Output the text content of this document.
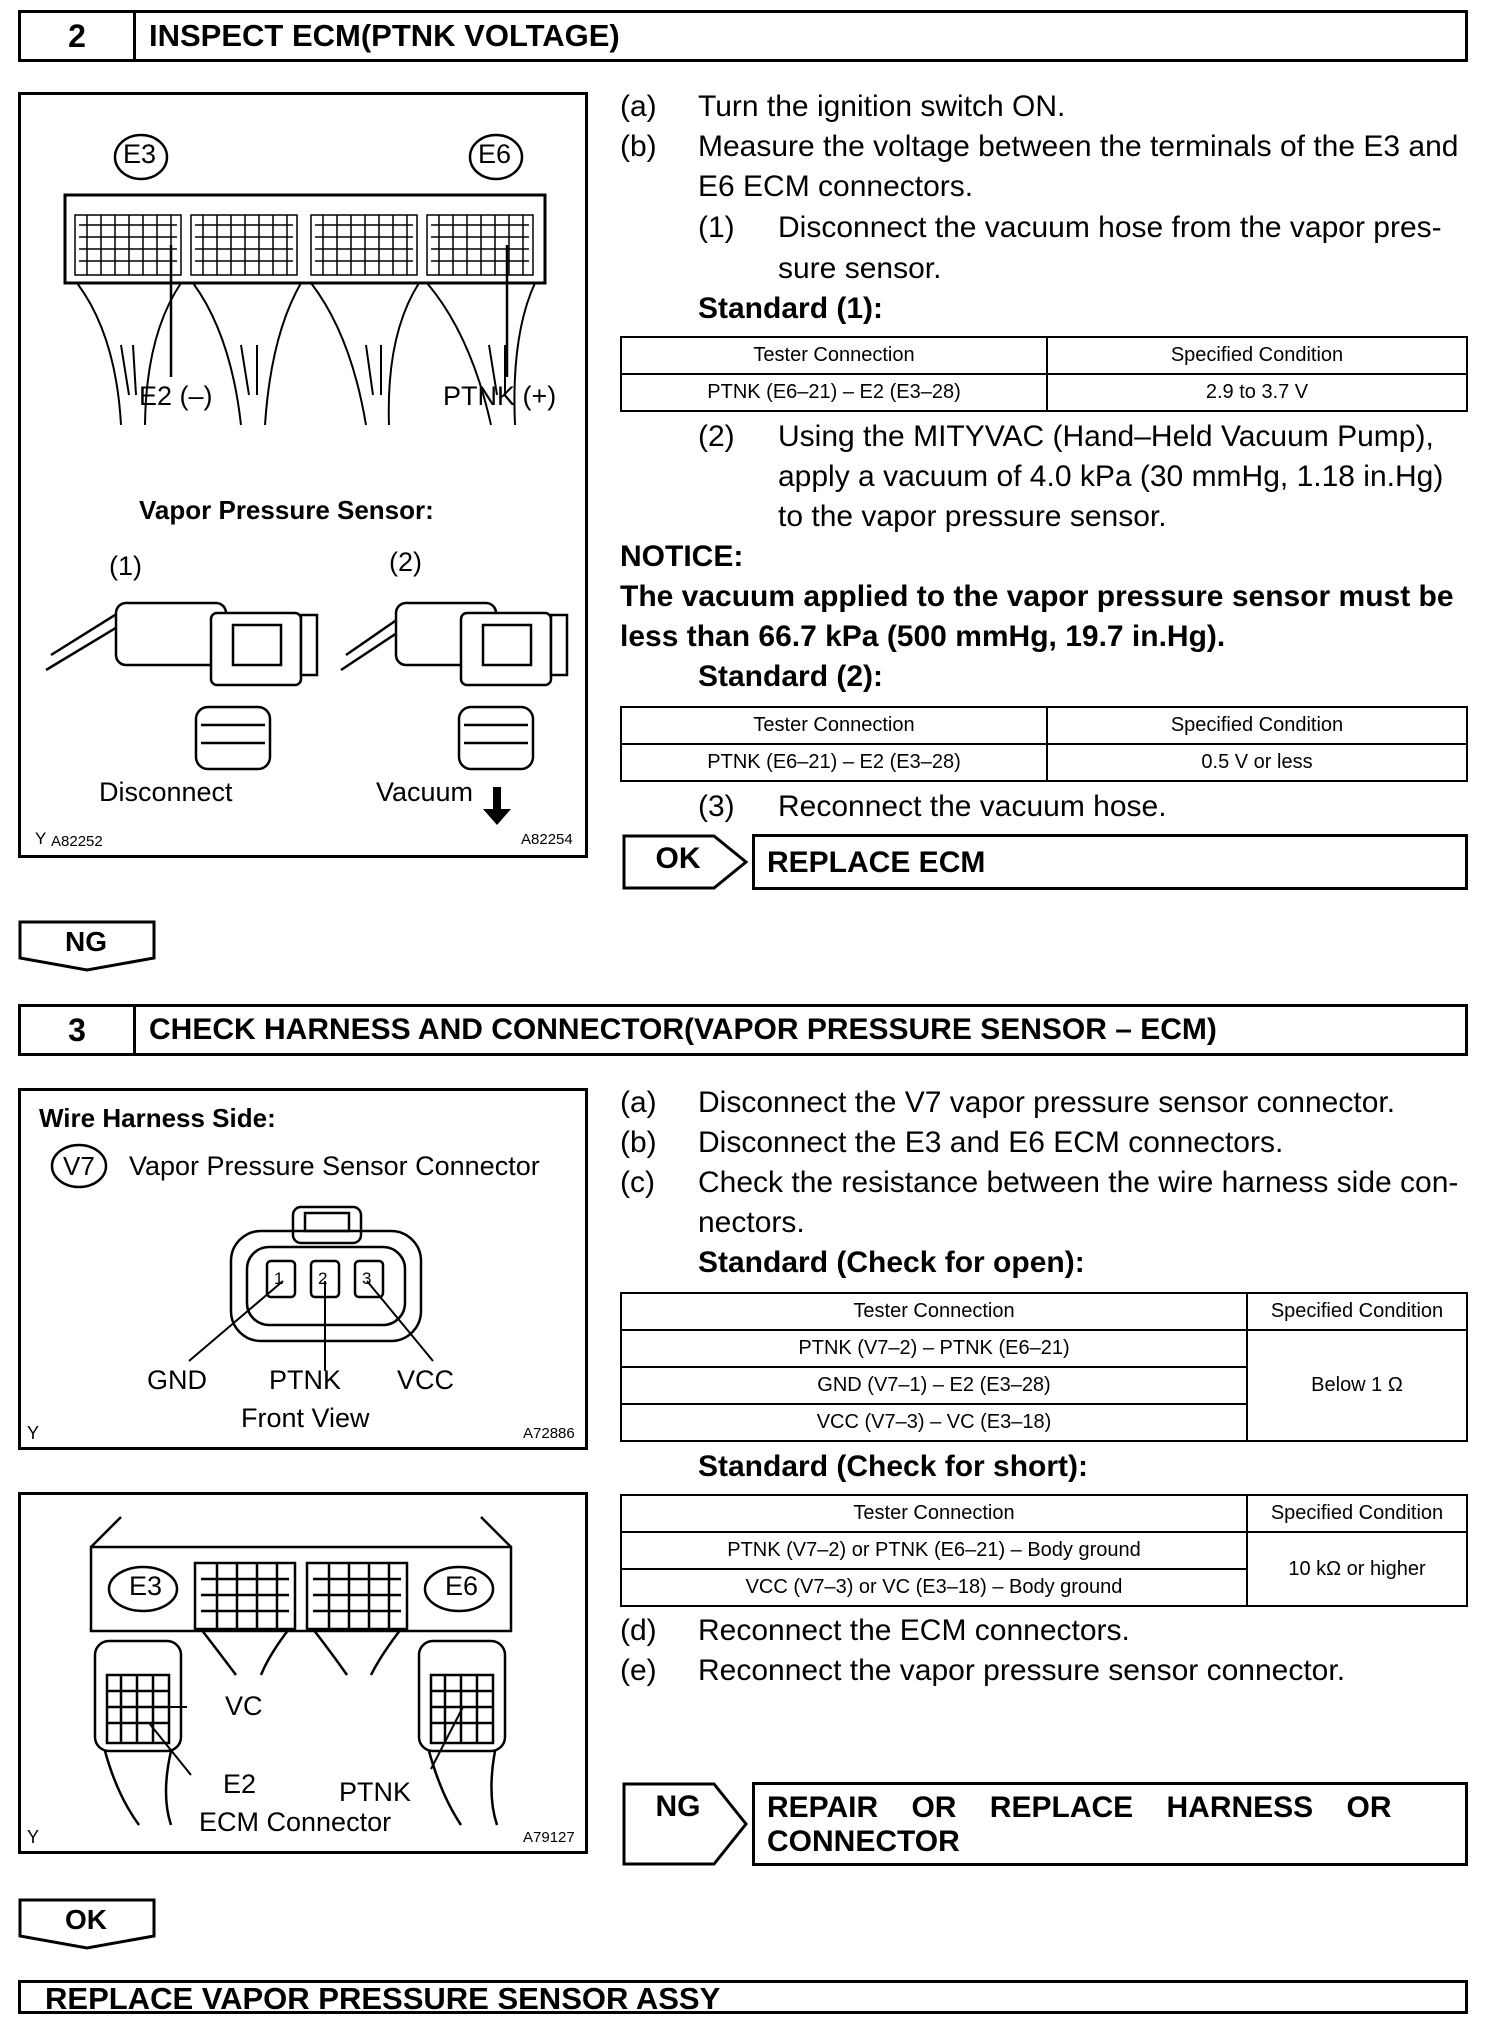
2	INSPECT ECM(PTNK VOLTAGE)
E3	E6
E2 (–)	PTNK (+)
Vapor Pressure Sensor:
(1)	(2)
Disconnect	Vacuum
Y A82252	A82254
(a) Turn the ignition switch ON.
(b) Measure the voltage between the terminals of the E3 and
E6 ECM connectors.
(1) Disconnect the vacuum hose from the vapor pres-
sure sensor.
Standard (1):
Tester Connection	Specified Condition
PTNK (E6–21) – E2 (E3–28)	2.9 to 3.7 V
(2) Using the MITYVAC (Hand–Held Vacuum Pump),
apply a vacuum of 4.0 kPa (30 mmHg, 1.18 in.Hg)
to the vapor pressure sensor.
NOTICE:
The vacuum applied to the vapor pressure sensor must be
less than 66.7 kPa (500 mmHg, 19.7 in.Hg).
Standard (2):
Tester Connection	Specified Condition
PTNK (E6–21) – E2 (E3–28)	0.5 V or less
(3) Reconnect the vacuum hose.
OK	REPLACE ECM
NG
3	CHECK HARNESS AND CONNECTOR(VAPOR PRESSURE SENSOR – ECM)
Wire Harness Side:
V7 Vapor Pressure Sensor Connector
1 2 3
GND PTNK VCC
Front View
Y	A72886
E3	E6
VC
E2	PTNK
ECM Connector
Y	A79127
(a) Disconnect the V7 vapor pressure sensor connector.
(b) Disconnect the E3 and E6 ECM connectors.
(c) Check the resistance between the wire harness side con-
nectors.
Standard (Check for open):
Tester Connection	Specified Condition
PTNK (V7–2) – PTNK (E6–21)	Below 1 Ω
GND (V7–1) – E2 (E3–28)	
VCC (V7–3) – VC (E3–18)	
Standard (Check for short):
Tester Connection	Specified Condition
PTNK (V7–2) or PTNK (E6–21) – Body ground	10 kΩ or higher
VCC (V7–3) or VC (E3–18) – Body ground	
(d) Reconnect the ECM connectors.
(e) Reconnect the vapor pressure sensor connector.
NG	REPAIR    OR    REPLACE    HARNESS    OR
CONNECTOR
OK
REPLACE VAPOR PRESSURE SENSOR ASSY
